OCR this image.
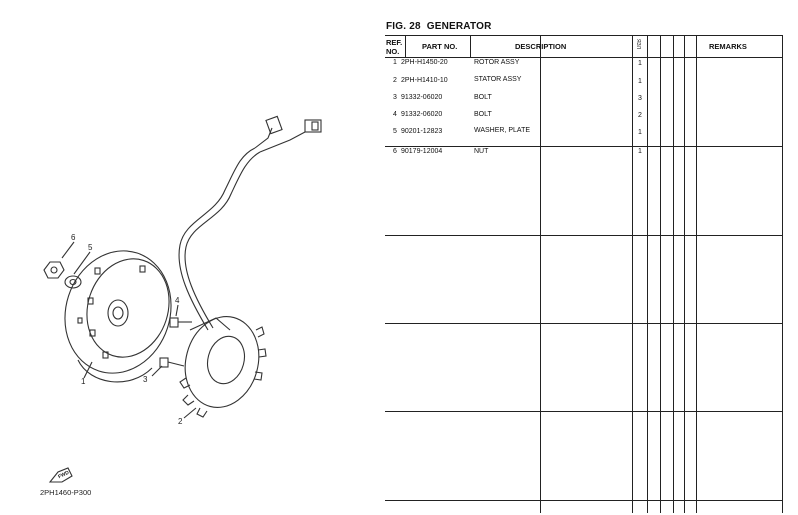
6
5
4
3
1
2
FWD
2PH1460-P300
FIG. 28 GENERATOR
REF.
NO.
PART NO.	DESCRIPTION	ЯЗЛ	REMARKS
1 2PH-H1450-20	ROTOR ASSY	1
2 2PH-H1410-10	STATOR ASSY	1
3 91332-06020	BOLT	3
4 91332-06020	BOLT	2
5 90201-12823	WASHER, PLATE	1
6 90179-12004	NUT	1
